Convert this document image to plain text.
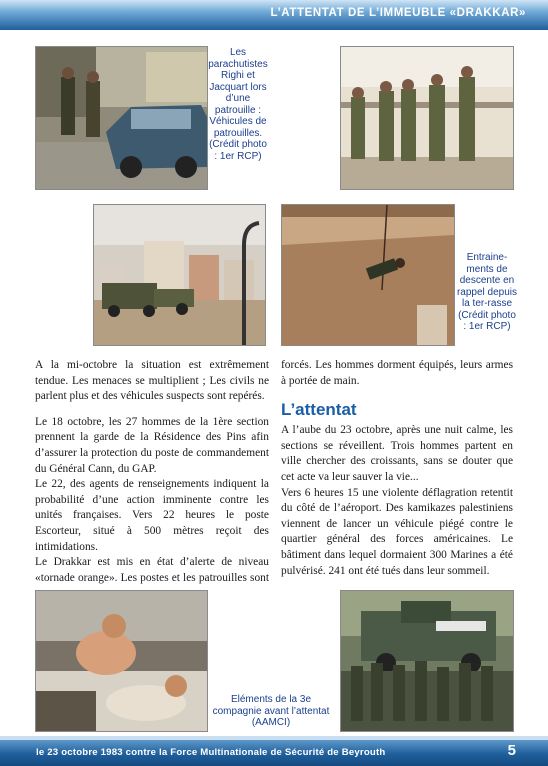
L’ATTENTAT DE L’IMMEUBLE «DRAKKAR»
Les parachutistes Righi et Jacquart lors d’une patrouille : Véhicules de patrouilles. (Crédit photo : 1er RCP)
Entraine-ments de descente en rappel depuis la ter-rasse (Crédit photo : 1er RCP)

A la mi-octobre la situation est extrêmement tendue. Les menaces se multiplient ; Les civils ne parlent plus et des véhicules suspects sont repérés.

Le 18 octobre, les 27 hommes de la 1ère section prennent la garde de la Résidence des Pins afin d’assurer la protection du poste de commandement du Général Cann, du GAP.

Le 22, des agents de renseignements indiquent la probabilité d’une action imminente contre les unités françaises. Vers 22 heures le poste Escorteur, situé à 500 mètres reçoit des intimidations.

Le Drakkar est mis en état d’alerte de niveau «tornade orange». Les postes et les patrouilles sont

forcés. Les hommes dorment équipés, leurs armes à portée de main.

L’attentat

A l’aube du 23 octobre, après une nuit calme, les sections se réveillent. Trois hommes partent en ville chercher des croissants, sans se douter que cet acte va leur sauver la vie...

Vers 6 heures 15 une violente déflagration retentit du côté de l’aéroport. Des kamikazes palestiniens viennent de lancer un véhicule piégé contre le quartier général des forces américaines. Le bâtiment dans lequel dormaient 300 Marines a été pulvérisé. 241 ont été tués dans leur sommeil.

Eléments de la 3e compagnie avant l’attentat (AAMCI)
le 23 octobre 1983 contre la Force Multinationale de Sécurité de Beyrouth	5
